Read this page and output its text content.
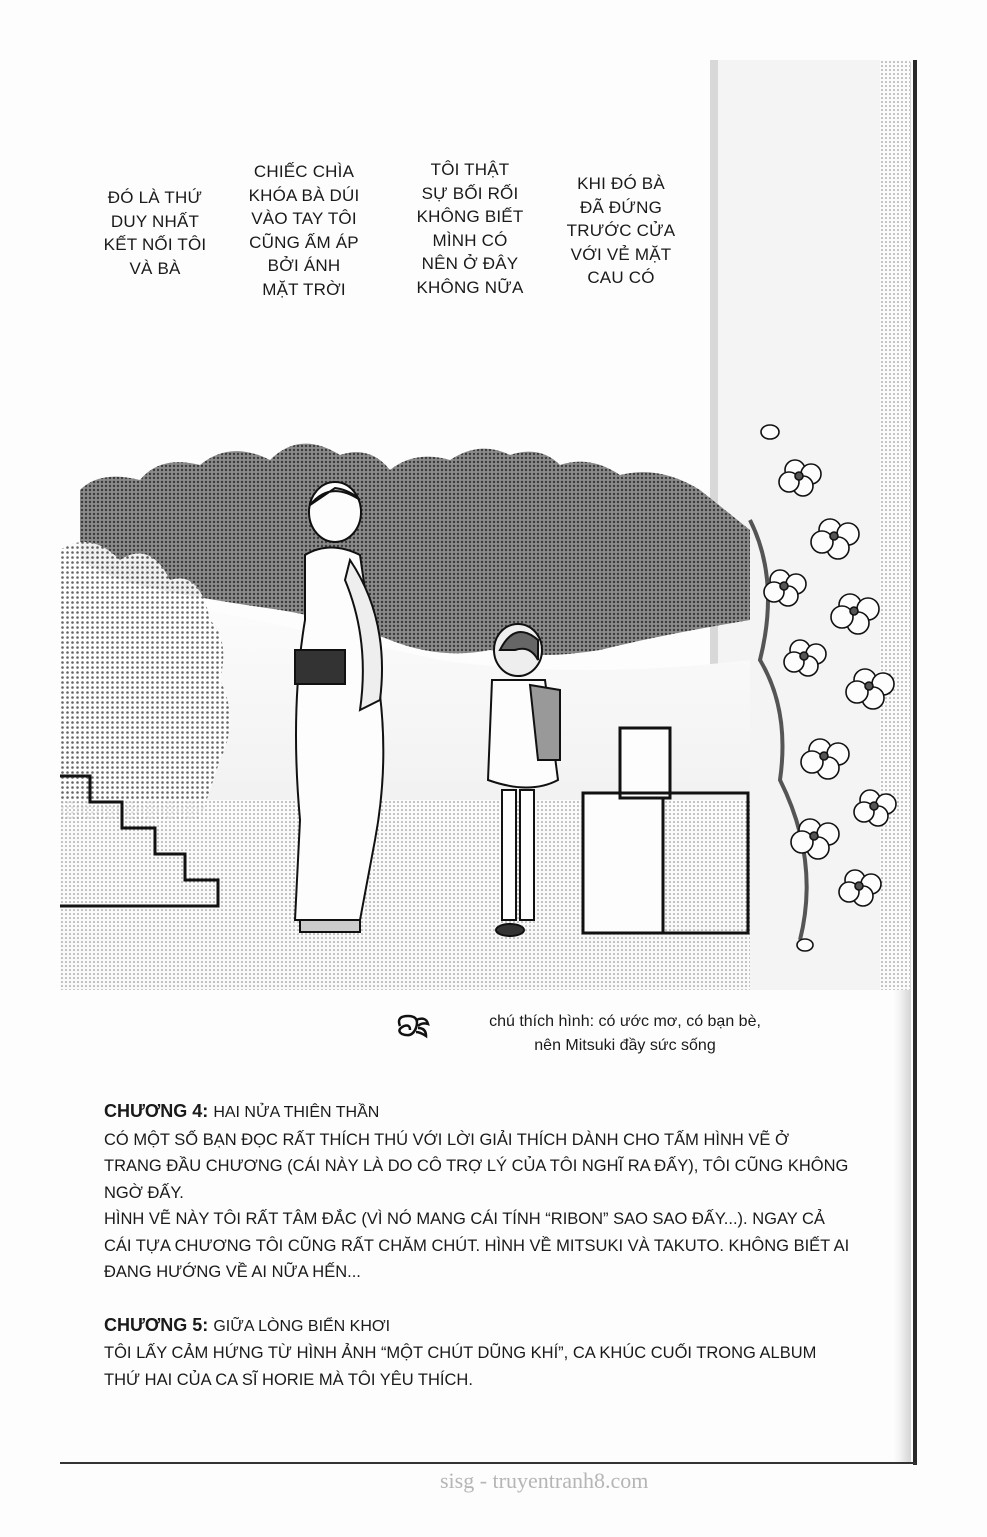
ĐÓ LÀ THỨ
DUY NHẤT
KẾT NỐI TÔI
VÀ BÀ
CHIẾC CHÌA
KHÓA BÀ DÚI
VÀO TAY TÔI
CŨNG ẤM ÁP
BỞI ÁNH
MẶT TRỜI
TÔI THẬT
SỰ BỐI RỐI
KHÔNG BIẾT
MÌNH CÓ
NÊN Ở ĐÂY
KHÔNG NỮA
KHI ĐÓ BÀ
ĐÃ ĐỨNG
TRƯỚC CỬA
VỚI VẺ MẶT
CAU CÓ
chú thích hình: có ước mơ, có bạn bè,
nên Mitsuki đầy sức sống
CHƯƠNG 4: HAI NỬA THIÊN THẦN
CÓ MỘT SỐ BẠN ĐỌC RẤT THÍCH THÚ VỚI LỜI GIẢI THÍCH DÀNH CHO TẤM HÌNH VẼ Ở
TRANG ĐẦU CHƯƠNG (CÁI NÀY LÀ DO CÔ TRỢ LÝ CỦA TÔI NGHĨ RA ĐẤY), TÔI CŨNG KHÔNG
NGỜ ĐẤY.
HÌNH VẼ NÀY TÔI RẤT TÂM ĐẮC (VÌ NÓ MANG CÁI TÍNH “RIBON” SAO SAO ĐẤY...). NGAY CẢ
CÁI TỰA CHƯƠNG TÔI CŨNG RẤT CHĂM CHÚT. HÌNH VỀ MITSUKI VÀ TAKUTO. KHÔNG BIẾT AI
ĐANG HƯỚNG VỀ AI NỮA HẾN...
CHƯƠNG 5: GIỮA LÒNG BIỂN KHƠI
TÔI LẤY CẢM HỨNG TỪ HÌNH ẢNH “MỘT CHÚT DŨNG KHÍ”, CA KHÚC CUỐI TRONG ALBUM
THỨ HAI CỦA CA SĨ HORIE MÀ TÔI YÊU THÍCH.
sisg - truyentranh8.com
